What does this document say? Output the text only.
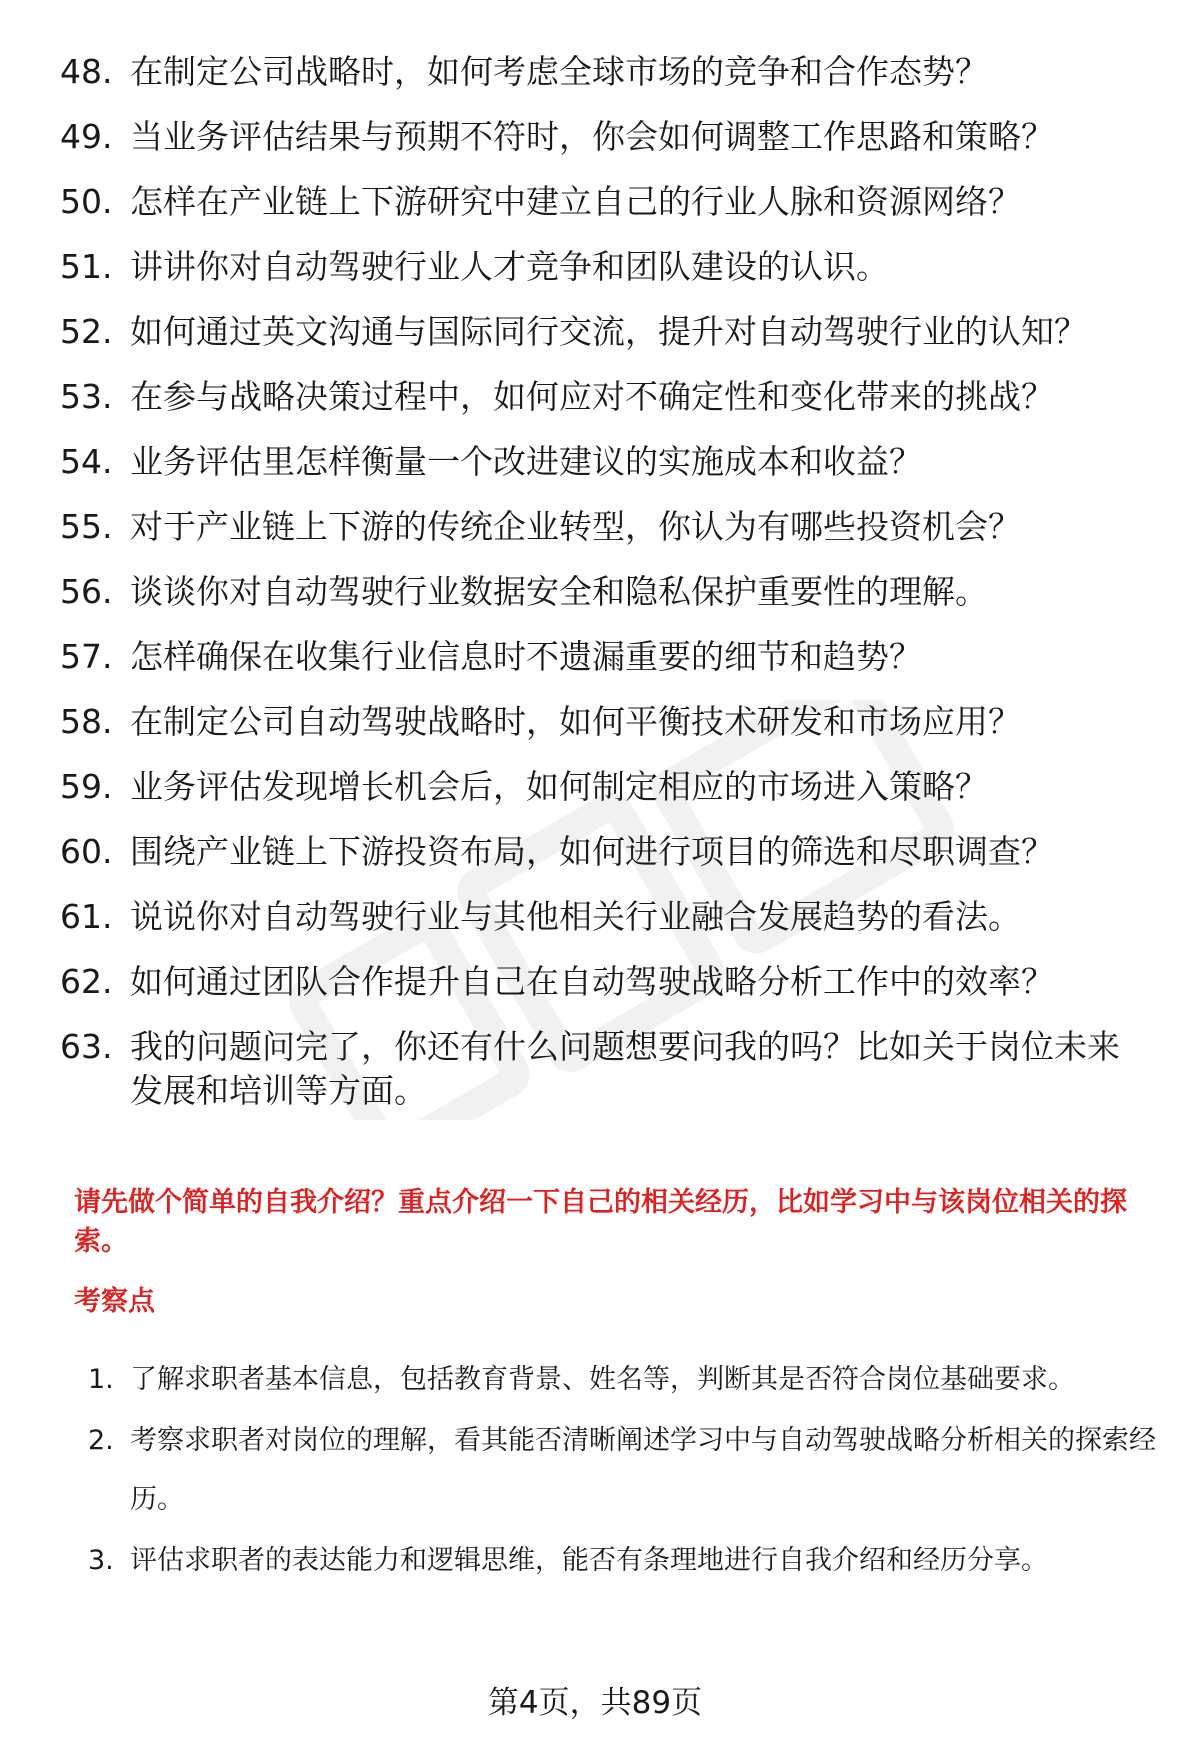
48. 在制定公司战略时，如何考虑全球市场的竞争和合作态势？
49. 当业务评估结果与预期不符时，你会如何调整工作思路和策略？
50. 怎样在产业链上下游研究中建立自己的行业人脉和资源网络？
51. 讲讲你对自动驾驶行业人才竞争和团队建设的认识。
52. 如何通过英文沟通与国际同行交流，提升对自动驾驶行业的认知？
53. 在参与战略决策过程中，如何应对不确定性和变化带来的挑战？
54. 业务评估里怎样衡量一个改进建议的实施成本和收益？
55. 对于产业链上下游的传统企业转型，你认为有哪些投资机会？
56. 谈谈你对自动驾驶行业数据安全和隐私保护重要性的理解。
57. 怎样确保在收集行业信息时不遗漏重要的细节和趋势？
58. 在制定公司自动驾驶战略时，如何平衡技术研发和市场应用？
59. 业务评估发现增长机会后，如何制定相应的市场进入策略？
60. 围绕产业链上下游投资布局，如何进行项目的筛选和尽职调查？
61. 说说你对自动驾驶行业与其他相关行业融合发展趋势的看法。
62. 如何通过团队合作提升自己在自动驾驶战略分析工作中的效率？
63. 我的问题问完了，你还有什么问题想要问我的吗？比如关于岗位未来发展和培训等方面。
请先做个简单的自我介绍？重点介绍一下自己的相关经历，比如学习中与该岗位相关的探索。
考察点
1. 了解求职者基本信息，包括教育背景、姓名等，判断其是否符合岗位基础要求。
2. 考察求职者对岗位的理解，看其能否清晰阐述学习中与自动驾驶战略分析相关的探索经历。
3. 评估求职者的表达能力和逻辑思维，能否有条理地进行自我介绍和经历分享。
第4页，共89页
